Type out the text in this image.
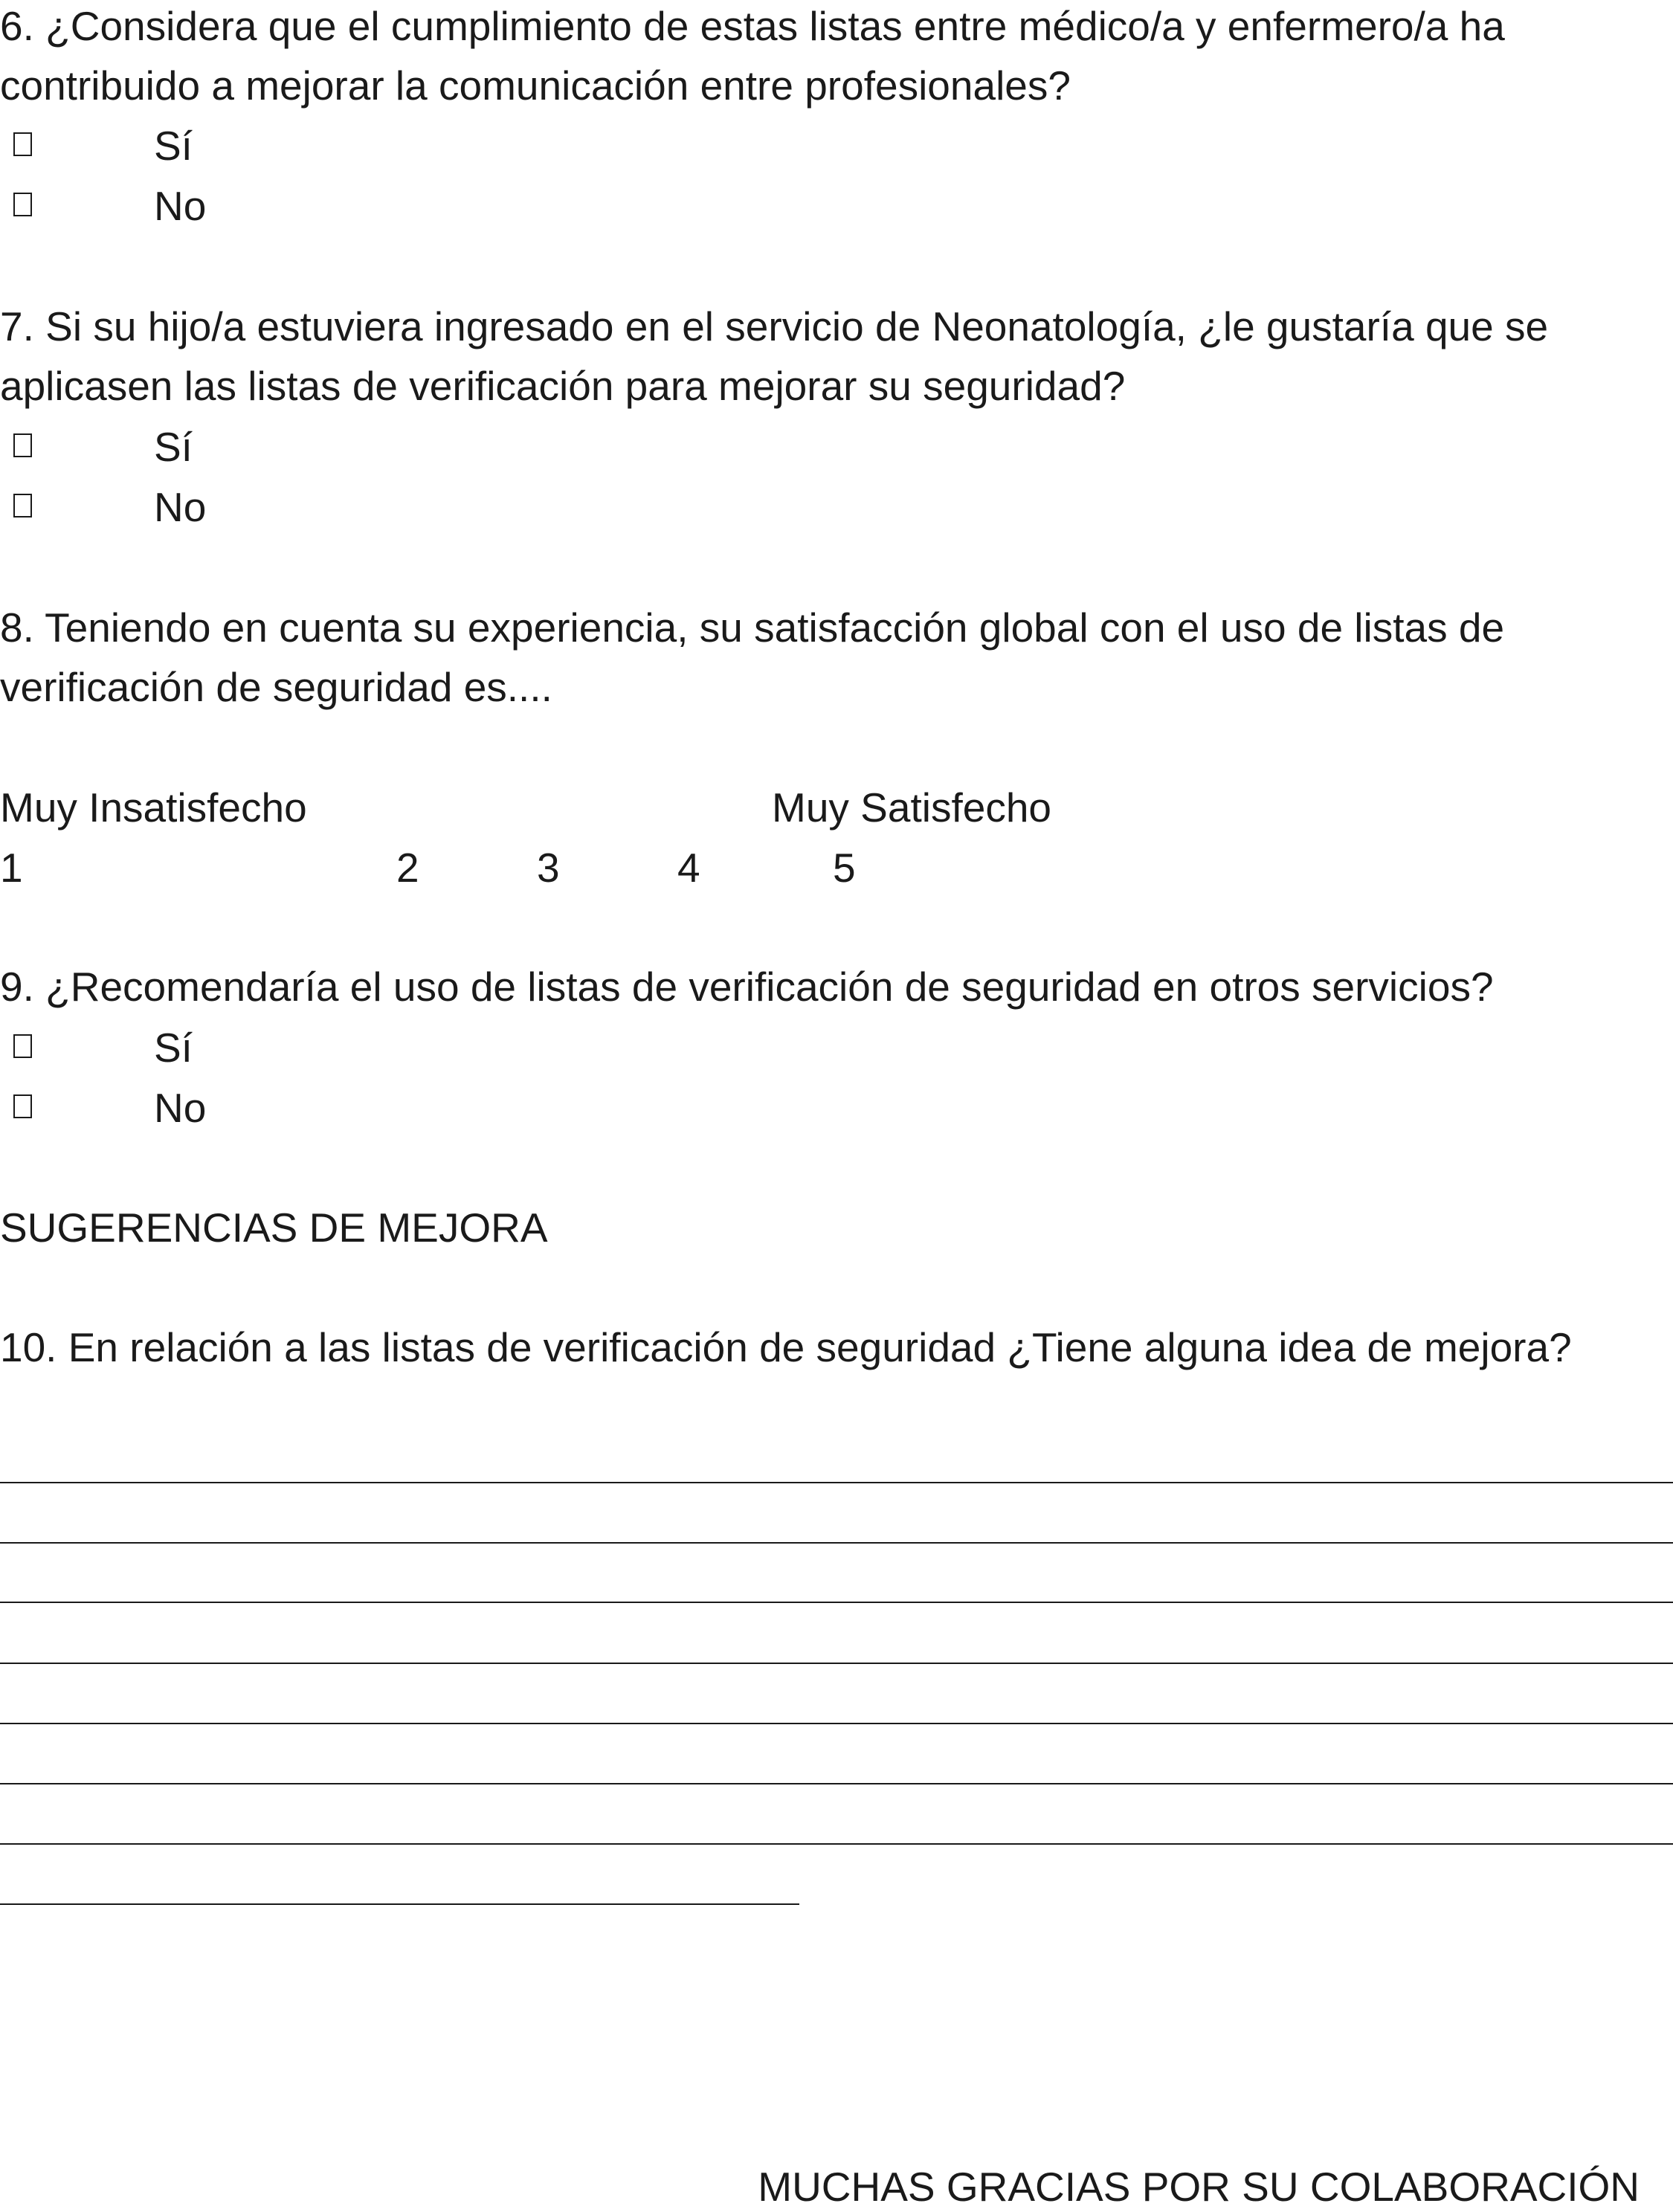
6. ¿Considera que el cumplimiento de estas listas entre médico/a y enfermero/a ha
contribuido a mejorar la comunicación entre profesionales?
Sí
No
7. Si su hijo/a estuviera ingresado en el servicio de Neonatología, ¿le gustaría que se
aplicasen las listas de verificación para mejorar su seguridad?
Sí
No
8. Teniendo en cuenta su experiencia, su satisfacción global con el uso de listas de
verificación de seguridad es....
Muy Insatisfecho	Muy Satisfecho
1	2	3	4	5
9. ¿Recomendaría el uso de listas de verificación de seguridad en otros servicios?
Sí
No
SUGERENCIAS DE MEJORA
10. En relación a las listas de verificación de seguridad ¿Tiene alguna idea de mejora?
MUCHAS GRACIAS POR SU COLABORACIÓN
